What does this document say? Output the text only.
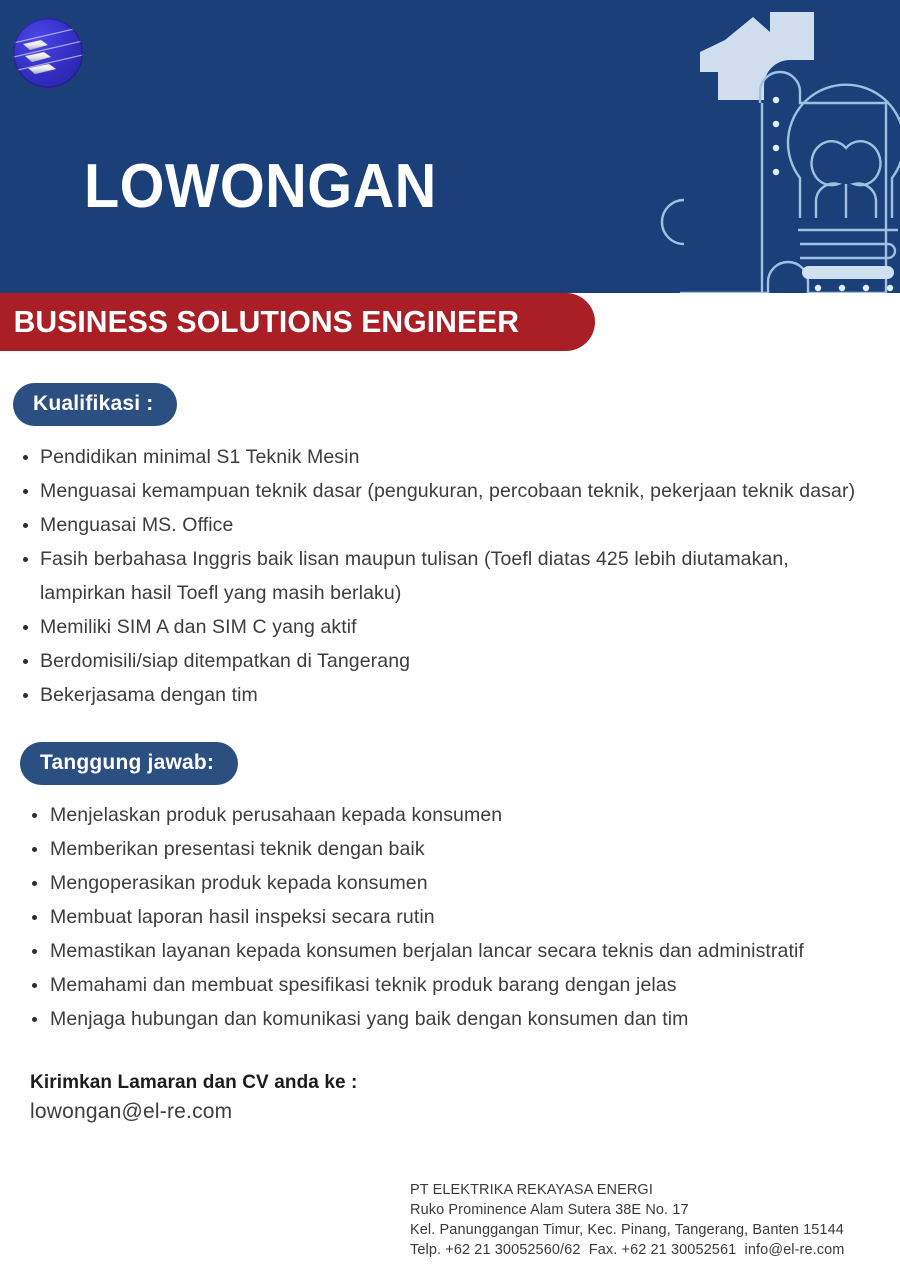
LOWONGAN

BUSINESS SOLUTIONS ENGINEER
Kualifikasi :
Pendidikan minimal S1 Teknik Mesin
Menguasai kemampuan teknik dasar (pengukuran, percobaan teknik, pekerjaan teknik dasar)
Menguasai MS. Office
Fasih berbahasa Inggris baik lisan maupun tulisan (Toefl diatas 425 lebih diutamakan, lampirkan hasil Toefl yang masih berlaku)
Memiliki SIM A dan SIM C yang aktif
Berdomisili/siap ditempatkan di Tangerang
Bekerjasama dengan tim
Tanggung jawab:
Menjelaskan produk perusahaan kepada konsumen
Memberikan presentasi teknik dengan baik
Mengoperasikan produk kepada konsumen
Membuat laporan hasil inspeksi secara rutin
Memastikan layanan kepada konsumen berjalan lancar secara teknis dan administratif
Memahami dan membuat spesifikasi teknik produk barang dengan jelas
Menjaga hubungan dan komunikasi yang baik dengan konsumen dan tim
Kirimkan Lamaran dan CV anda ke :
lowongan@el-re.com
PT ELEKTRIKA REKAYASA ENERGI
Ruko Prominence Alam Sutera 38E No. 17
Kel. Panunggangan Timur, Kec. Pinang, Tangerang, Banten 15144
Telp. +62 21 30052560/62  Fax. +62 21 30052561  info@el-re.com
